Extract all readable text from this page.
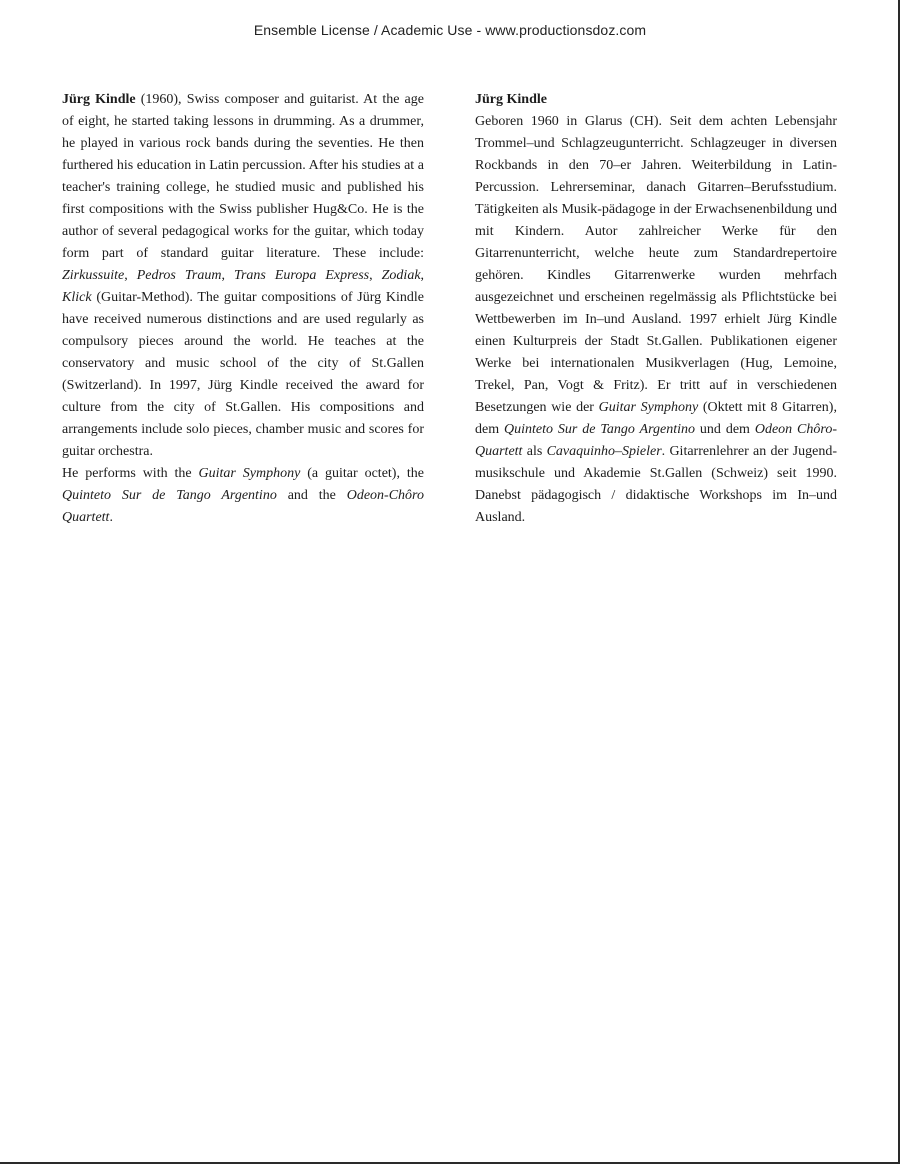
Ensemble License / Academic Use - www.productionsdoz.com

Jürg Kindle (1960), Swiss composer and guitarist. At the age of eight, he started taking lessons in drumming. As a drummer, he played in various rock bands during the seventies. He then furthered his education in Latin percussion. After his studies at a teacher's training college, he studied music and published his first compositions with the Swiss publisher Hug&Co. He is the author of several pedagogical works for the guitar, which today form part of standard guitar literature. These include: Zirkussuite, Pedros Traum, Trans Europa Express, Zodiak, Klick (Guitar-Method). The guitar compositions of Jürg Kindle have received numerous distinctions and are used regularly as compulsory pieces around the world. He teaches at the conservatory and music school of the city of St.Gallen (Switzerland). In 1997, Jürg Kindle received the award for culture from the city of St.Gallen. His compositions and arrangements include solo pieces, chamber music and scores for guitar orchestra.

He performs with the Guitar Symphony (a guitar octet), the Quinteto Sur de Tango Argentino and the Odeon-Chôro Quartett.

Jürg Kindle

Geboren 1960 in Glarus (CH). Seit dem achten Lebensjahr Trommel–und Schlagzeugunterricht. Schlagzeuger in diversen Rockbands in den 70–er Jahren. Weiterbildung in Latin-Percussion. Lehrerseminar, danach Gitarren–Berufsstudium. Tätigkeiten als Musik-pädagoge in der Erwachsenenbildung und mit Kindern. Autor zahlreicher Werke für den Gitarrenunterricht, welche heute zum Standardrepertoire gehören. Kindles Gitarrenwerke wurden mehrfach ausgezeichnet und erscheinen regelmässig als Pflichtstücke bei Wettbewerben im In–und Ausland. 1997 erhielt Jürg Kindle einen Kulturpreis der Stadt St.Gallen. Publikationen eigener Werke bei internationalen Musikverlagen (Hug, Lemoine, Trekel, Pan, Vogt & Fritz). Er tritt auf in verschiedenen Besetzungen wie der Guitar Symphony (Oktett mit 8 Gitarren), dem Quinteto Sur de Tango Argentino und dem Odeon Chôro-Quartett als Cavaquinho–Spieler. Gitarrenlehrer an der Jugend-musikschule und Akademie St.Gallen (Schweiz) seit 1990. Danebst pädagogisch / didaktische Workshops im In–und Ausland.
